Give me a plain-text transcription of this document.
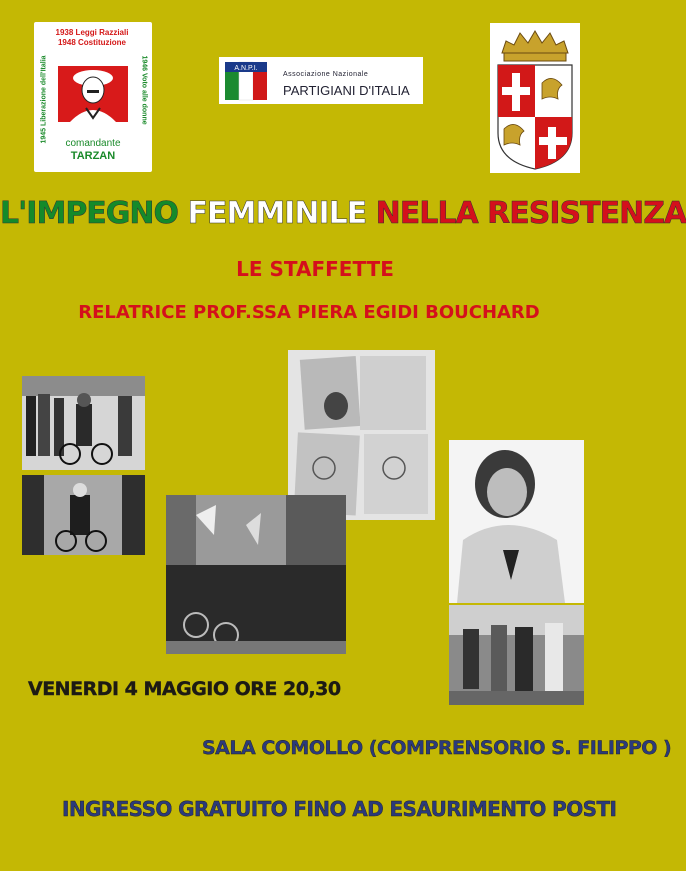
1938 Leggi Razziali
1948 Costituzione
1945 Liberazione dell'Italia	1946 Voto alle donne
comandante
TARZAN
A.N.P.I.
Associazione Nazionale
PARTIGIANI D'ITALIA
L'IMPEGNO FEMMINILE NELLA RESISTENZA
LE STAFFETTE
RELATRICE PROF.SSA PIERA EGIDI BOUCHARD
VENERDI 4 MAGGIO ORE 20,30
SALA COMOLLO (COMPRENSORIO S. FILIPPO )
INGRESSO GRATUITO FINO AD ESAURIMENTO POSTI
